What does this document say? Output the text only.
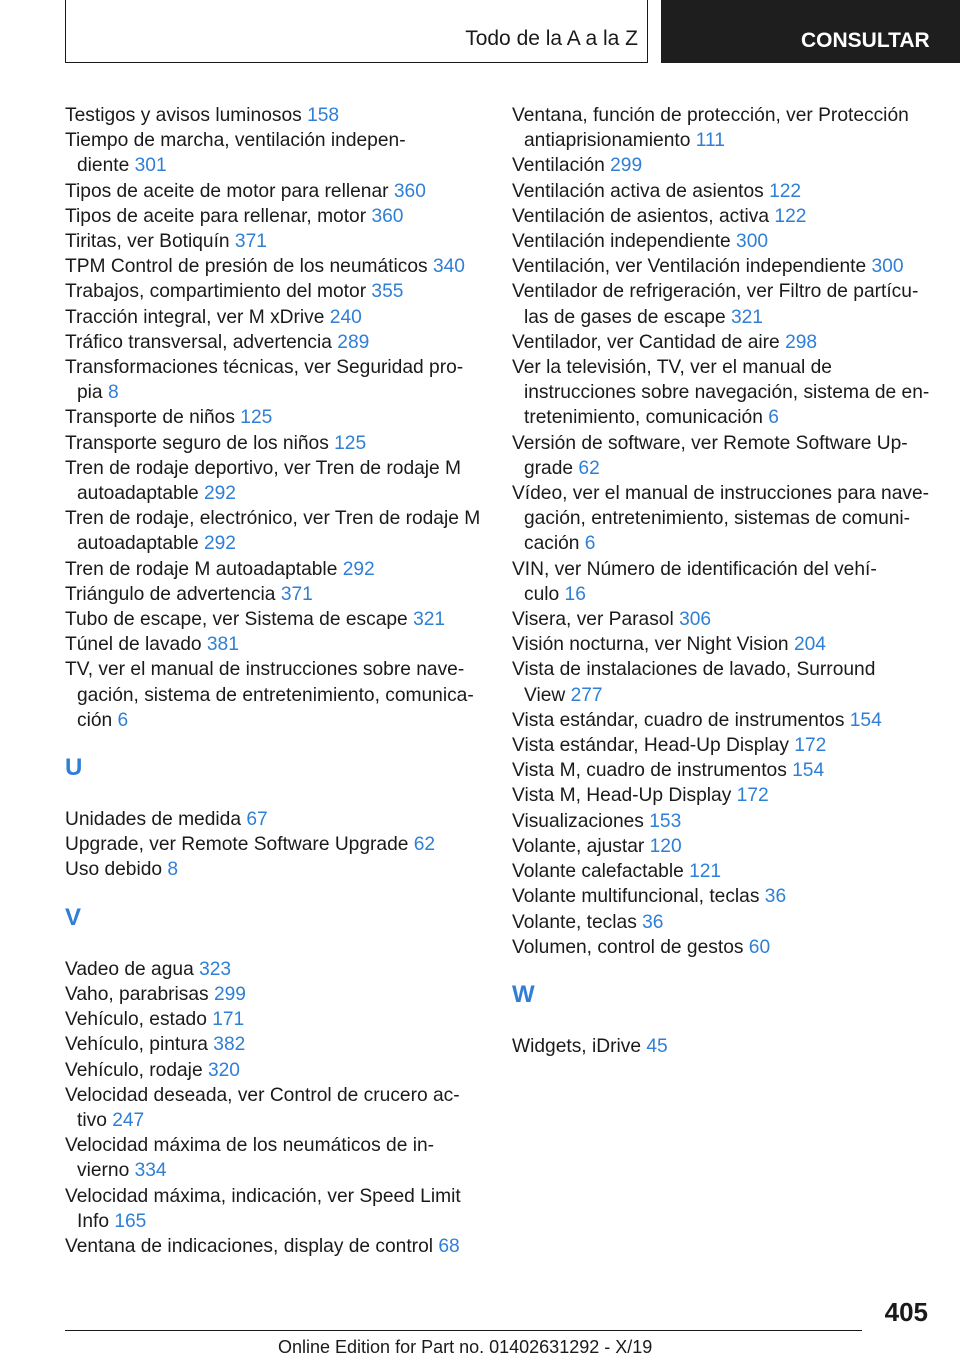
Todo de la A a la Z	CONSULTAR

Testigos y avisos luminosos 158

Tiempo de marcha, ventilación indepen-
diente 301

Tipos de aceite de motor para rellenar 360

Tipos de aceite para rellenar, motor 360

Tiritas, ver Botiquín 371

TPM Control de presión de los neumáticos 340

Trabajos, compartimiento del motor 355

Tracción integral, ver M xDrive 240

Tráfico transversal, advertencia 289

Transformaciones técnicas, ver Seguridad pro-
pia 8

Transporte de niños 125

Transporte seguro de los niños 125

Tren de rodaje deportivo, ver Tren de rodaje M
autoadaptable 292

Tren de rodaje, electrónico, ver Tren de rodaje M
autoadaptable 292

Tren de rodaje M autoadaptable 292

Triángulo de advertencia 371

Tubo de escape, ver Sistema de escape 321

Túnel de lavado 381

TV, ver el manual de instrucciones sobre nave-
gación, sistema de entretenimiento, comunica-
ción 6

U

Unidades de medida 67

Upgrade, ver Remote Software Upgrade 62

Uso debido 8

V

Vadeo de agua 323

Vaho, parabrisas 299

Vehículo, estado 171

Vehículo, pintura 382

Vehículo, rodaje 320

Velocidad deseada, ver Control de crucero ac-
tivo 247

Velocidad máxima de los neumáticos de in-
vierno 334

Velocidad máxima, indicación, ver Speed Limit
Info 165

Ventana de indicaciones, display de control 68

Ventana, función de protección, ver Protección
antiaprisionamiento 111

Ventilación 299

Ventilación activa de asientos 122

Ventilación de asientos, activa 122

Ventilación independiente 300

Ventilación, ver Ventilación independiente 300

Ventilador de refrigeración, ver Filtro de partícu-
las de gases de escape 321

Ventilador, ver Cantidad de aire 298

Ver la televisión, TV, ver el manual de
instrucciones sobre navegación, sistema de en-
tretenimiento, comunicación 6

Versión de software, ver Remote Software Up-
grade 62

Vídeo, ver el manual de instrucciones para nave-
gación, entretenimiento, sistemas de comuni-
cación 6

VIN, ver Número de identificación del vehí-
culo 16

Visera, ver Parasol 306

Visión nocturna, ver Night Vision 204

Vista de instalaciones de lavado, Surround
View 277

Vista estándar, cuadro de instrumentos 154

Vista estándar, Head-Up Display 172

Vista M, cuadro de instrumentos 154

Vista M, Head-Up Display 172

Visualizaciones 153

Volante, ajustar 120

Volante calefactable 121

Volante multifuncional, teclas 36

Volante, teclas 36

Volumen, control de gestos 60

W

Widgets, iDrive 45

405
Online Edition for Part no. 01402631292 - X/19
